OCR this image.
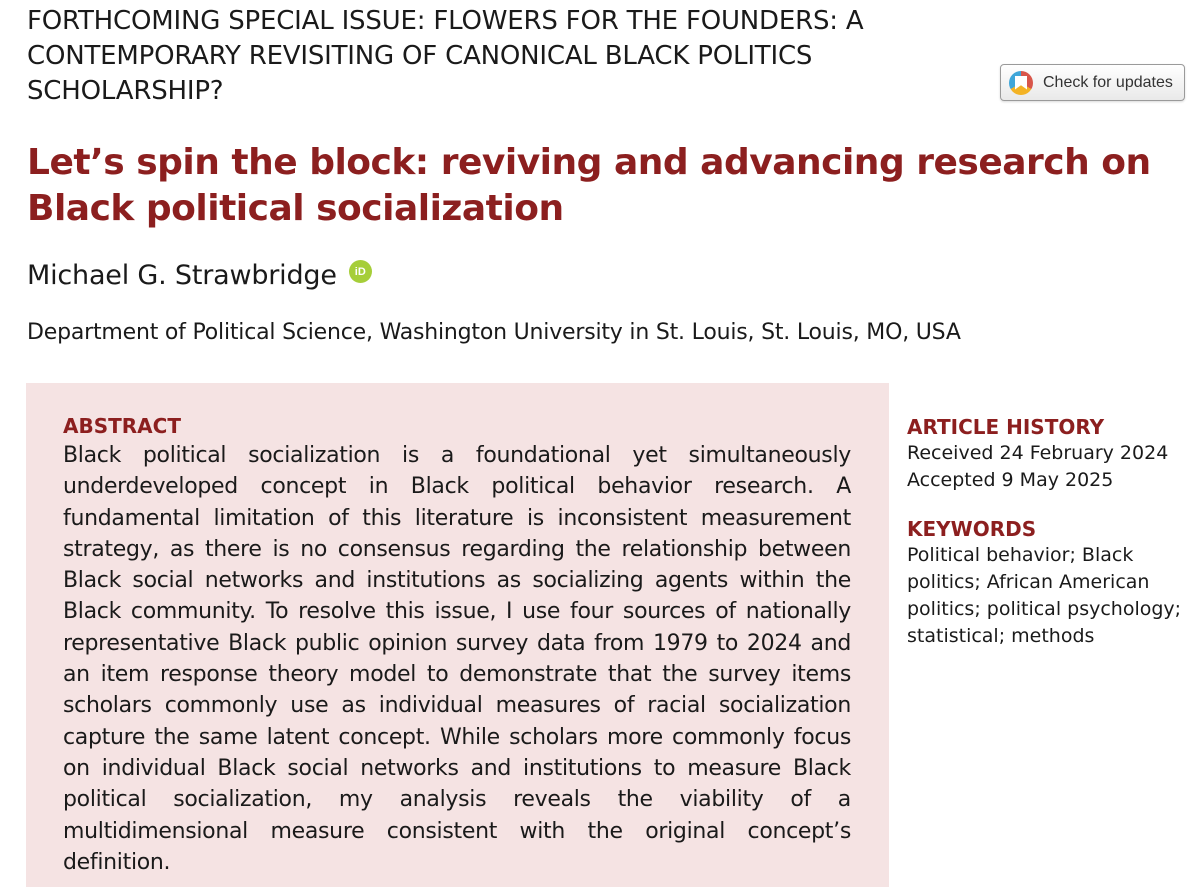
FORTHCOMING SPECIAL ISSUE: FLOWERS FOR THE FOUNDERS: A CONTEMPORARY REVISITING OF CANONICAL BLACK POLITICS SCHOLARSHIP?	Check for updates
Let’s spin the block: reviving and advancing research on Black political socialization
Michael G. Strawbridge	iD
Department of Political Science, Washington University in St. Louis, St. Louis, MO, USA
ABSTRACT

Black political socialization is a foundational yet simultaneously underdeveloped concept in Black political behavior research. A fundamental limitation of this literature is inconsistent measurement strategy, as there is no consensus regarding the relationship between Black social networks and institutions as socializing agents within the Black community. To resolve this issue, I use four sources of nationally representative Black public opinion survey data from 1979 to 2024 and an item response theory model to demonstrate that the survey items scholars commonly use as individual measures of racial socialization capture the same latent concept. While scholars more commonly focus on individual Black social networks and institutions to measure Black political socialization, my analysis reveals the viability of a multidimensional measure consistent with the original concept’s definition.

ARTICLE HISTORY
Received 24 February 2024
Accepted 9 May 2025
KEYWORDS
Political behavior; Black politics; African American politics; political psychology; statistical; methods
